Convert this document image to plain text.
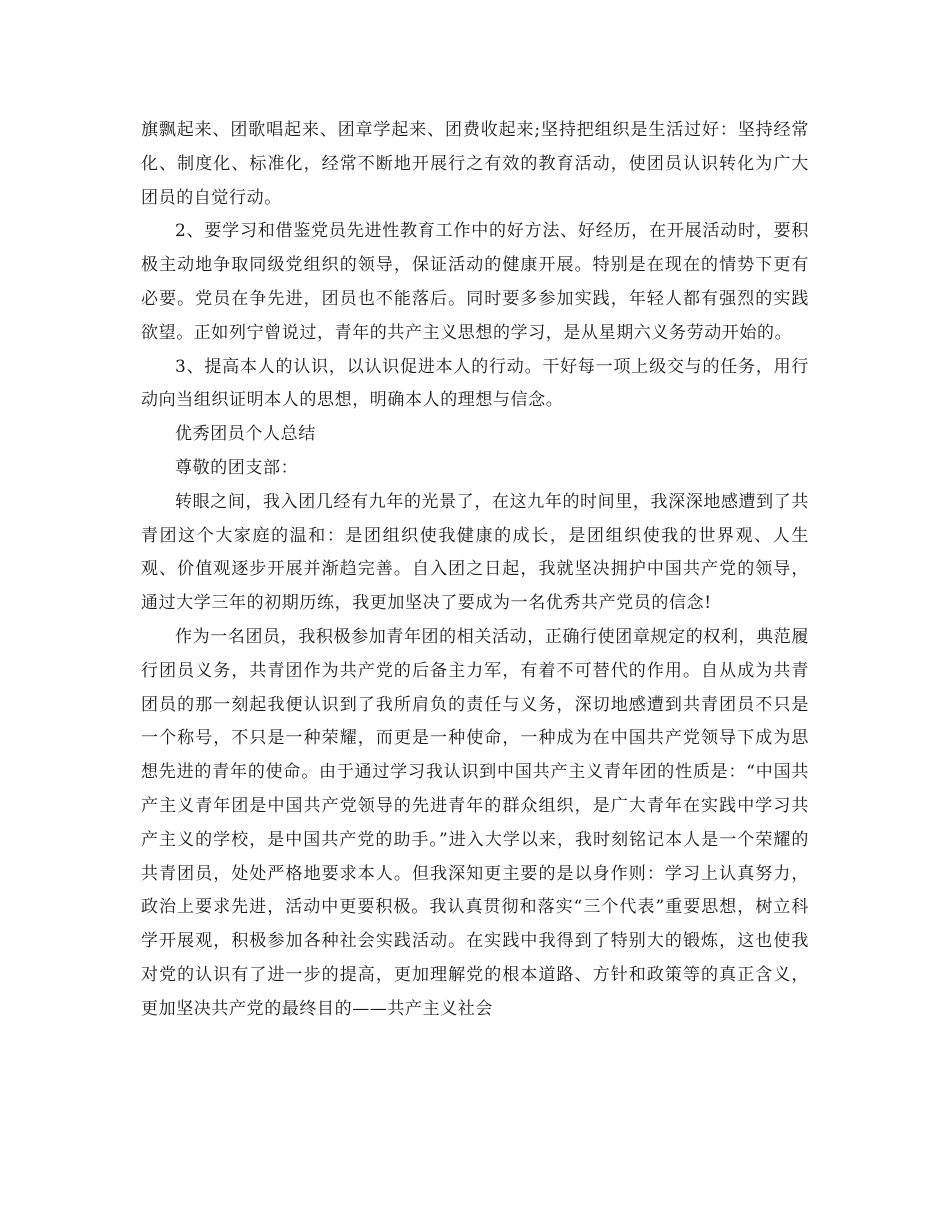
旗飘起来、团歌唱起来、团章学起来、团费收起来;坚持把组织是生活过好：坚持经常化、制度化、标准化，经常不断地开展行之有效的教育活动，使团员认识转化为广大团员的自觉行动。

2、要学习和借鉴党员先进性教育工作中的好方法、好经历，在开展活动时，要积极主动地争取同级党组织的领导，保证活动的健康开展。特别是在现在的情势下更有必要。党员在争先进，团员也不能落后。同时要多参加实践，年轻人都有强烈的实践欲望。正如列宁曾说过，青年的共产主义思想的学习，是从星期六义务劳动开始的。

3、提高本人的认识，以认识促进本人的行动。干好每一项上级交与的任务，用行动向当组织证明本人的思想，明确本人的理想与信念。

优秀团员个人总结

尊敬的团支部：

转眼之间，我入团几经有九年的光景了，在这九年的时间里，我深深地感遭到了共青团这个大家庭的温和：是团组织使我健康的成长，是团组织使我的世界观、人生观、价值观逐步开展并渐趋完善。自入团之日起，我就坚决拥护中国共产党的领导，通过大学三年的初期历练，我更加坚决了要成为一名优秀共产党员的信念!

作为一名团员，我积极参加青年团的相关活动，正确行使团章规定的权利，典范履行团员义务，共青团作为共产党的后备主力军，有着不可替代的作用。自从成为共青团员的那一刻起我便认识到了我所肩负的责任与义务，深切地感遭到共青团员不只是一个称号，不只是一种荣耀，而更是一种使命，一种成为在中国共产党领导下成为思想先进的青年的使命。由于通过学习我认识到中国共产主义青年团的性质是：“中国共产主义青年团是中国共产党领导的先进青年的群众组织，是广大青年在实践中学习共产主义的学校，是中国共产党的助手。”进入大学以来，我时刻铭记本人是一个荣耀的共青团员，处处严格地要求本人。但我深知更主要的是以身作则：学习上认真努力，政治上要求先进，活动中更要积极。我认真贯彻和落实“三个代表”重要思想，树立科学开展观，积极参加各种社会实践活动。在实践中我得到了特别大的锻炼，这也使我对党的认识有了进一步的提高，更加理解党的根本道路、方针和政策等的真正含义，更加坚决共产党的最终目的——共产主义社会
